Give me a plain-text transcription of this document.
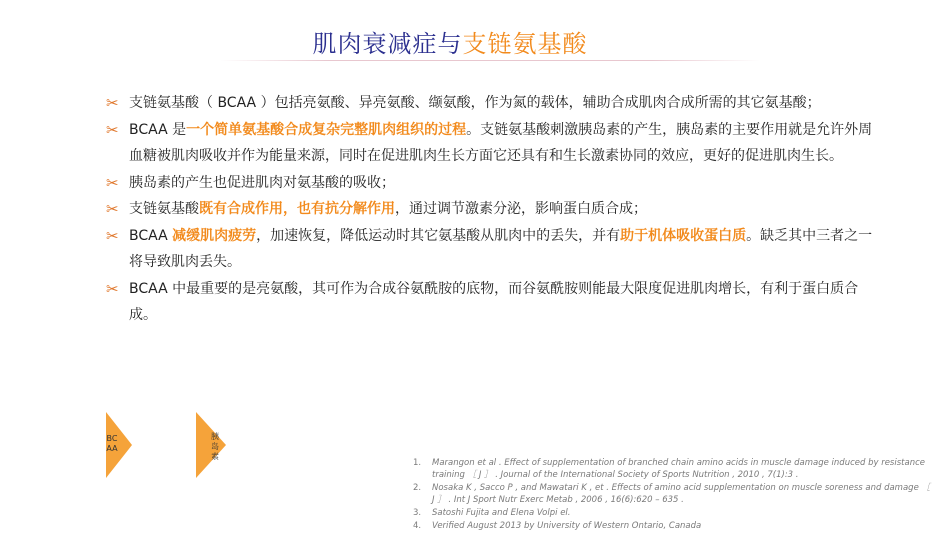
肌肉衰减症与支链氨基酸
✂ 支链氨基酸（ BCAA ）包括亮氨酸、异亮氨酸、缬氨酸，作为氮的载体，辅助合成肌肉合成所需的其它氨基酸；
✂ BCAA 是一个简单氨基酸合成复杂完整肌肉组织的过程。支链氨基酸刺激胰岛素的产生，胰岛素的主要作用就是允许外周血糖被肌肉吸收并作为能量来源，同时在促进肌肉生长方面它还具有和生长激素协同的效应，更好的促进肌肉生长。
✂ 胰岛素的产生也促进肌肉对氨基酸的吸收；
✂ 支链氨基酸既有合成作用，也有抗分解作用，通过调节激素分泌，影响蛋白质合成；
✂ BCAA 减缓肌肉疲劳，加速恢复，降低运动时其它氨基酸从肌肉中的丢失，并有助于机体吸收蛋白质。缺乏其中三者之一将导致肌肉丢失。
✂ BCAA 中最重要的是亮氨酸，其可作为合成谷氨酰胺的底物，而谷氨酰胺则能最大限度促进肌肉增长，有利于蛋白质合成。
BCAA
胰岛素
1. Marangon et al . Effect of supplementation of branched chain amino acids in muscle damage induced by resistance training ［ J ］ . Journal of the International Society of Sports Nutrition , 2010 , 7(1):3 .
2. Nosaka K , Sacco P , and Mawatari K , et . Effects of amino acid supplementation on muscle soreness and damage ［ J ］ . Int J Sport Nutr Exerc Metab , 2006 , 16(6):620 – 635 .
3. Satoshi Fujita and Elena Volpi el.
4. Verified August 2013 by University of Western Ontario, Canada
